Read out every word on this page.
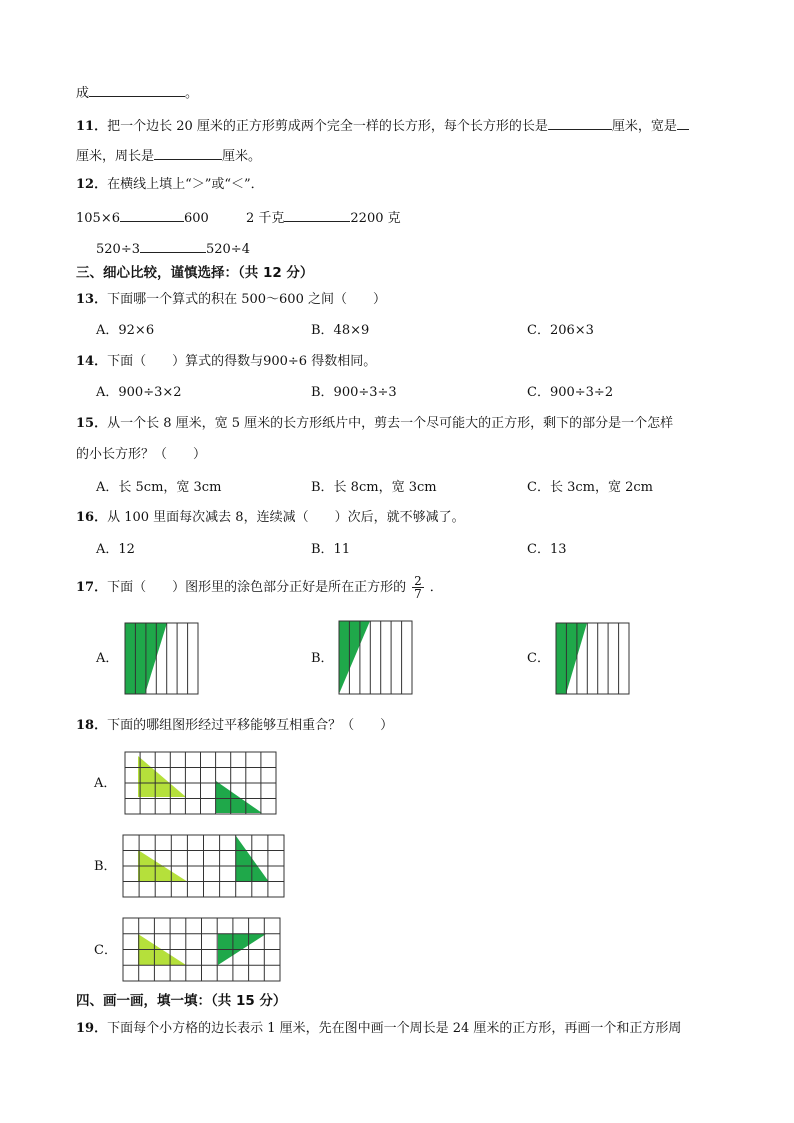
成	。
11．把一个边长 20 厘米的正方形剪成两个完全一样的长方形，每个长方形的长是	厘米，宽是
厘米，周长是	厘米。
12．在横线上填上“＞”或“＜”．
105×6	600	2 千克	2200 克
520÷3	520÷4
三、细心比较，谨慎选择：（共 12 分）
13．下面哪一个算式的积在 500～600 之间（　　）
A．92×6	B．48×9	C．206×3
14．下面（　　）算式的得数与900÷6 得数相同。
A．900÷3×2	B．900÷3÷3	C．900÷3÷2
15．从一个长 8 厘米，宽 5 厘米的长方形纸片中，剪去一个尽可能大的正方形，剩下的部分是一个怎样
的小长方形？（　　）
A．长 5cm，宽 3cm	B．长 8cm，宽 3cm	C．长 3cm，宽 2cm
16．从 100 里面每次减去 8，连续减（　　）次后，就不够减了。
A．12	B．11	C．13
17．下面（　　）图形里的涂色部分正好是所在正方形的 $\frac{2}{7}$ ．
A．	B．	C．
18．下面的哪组图形经过平移能够互相重合？（　　）
A．
B．
C．
四、画一画，填一填：（共 15 分）
19．下面每个小方格的边长表示 1 厘米，先在图中画一个周长是 24 厘米的正方形，再画一个和正方形周
